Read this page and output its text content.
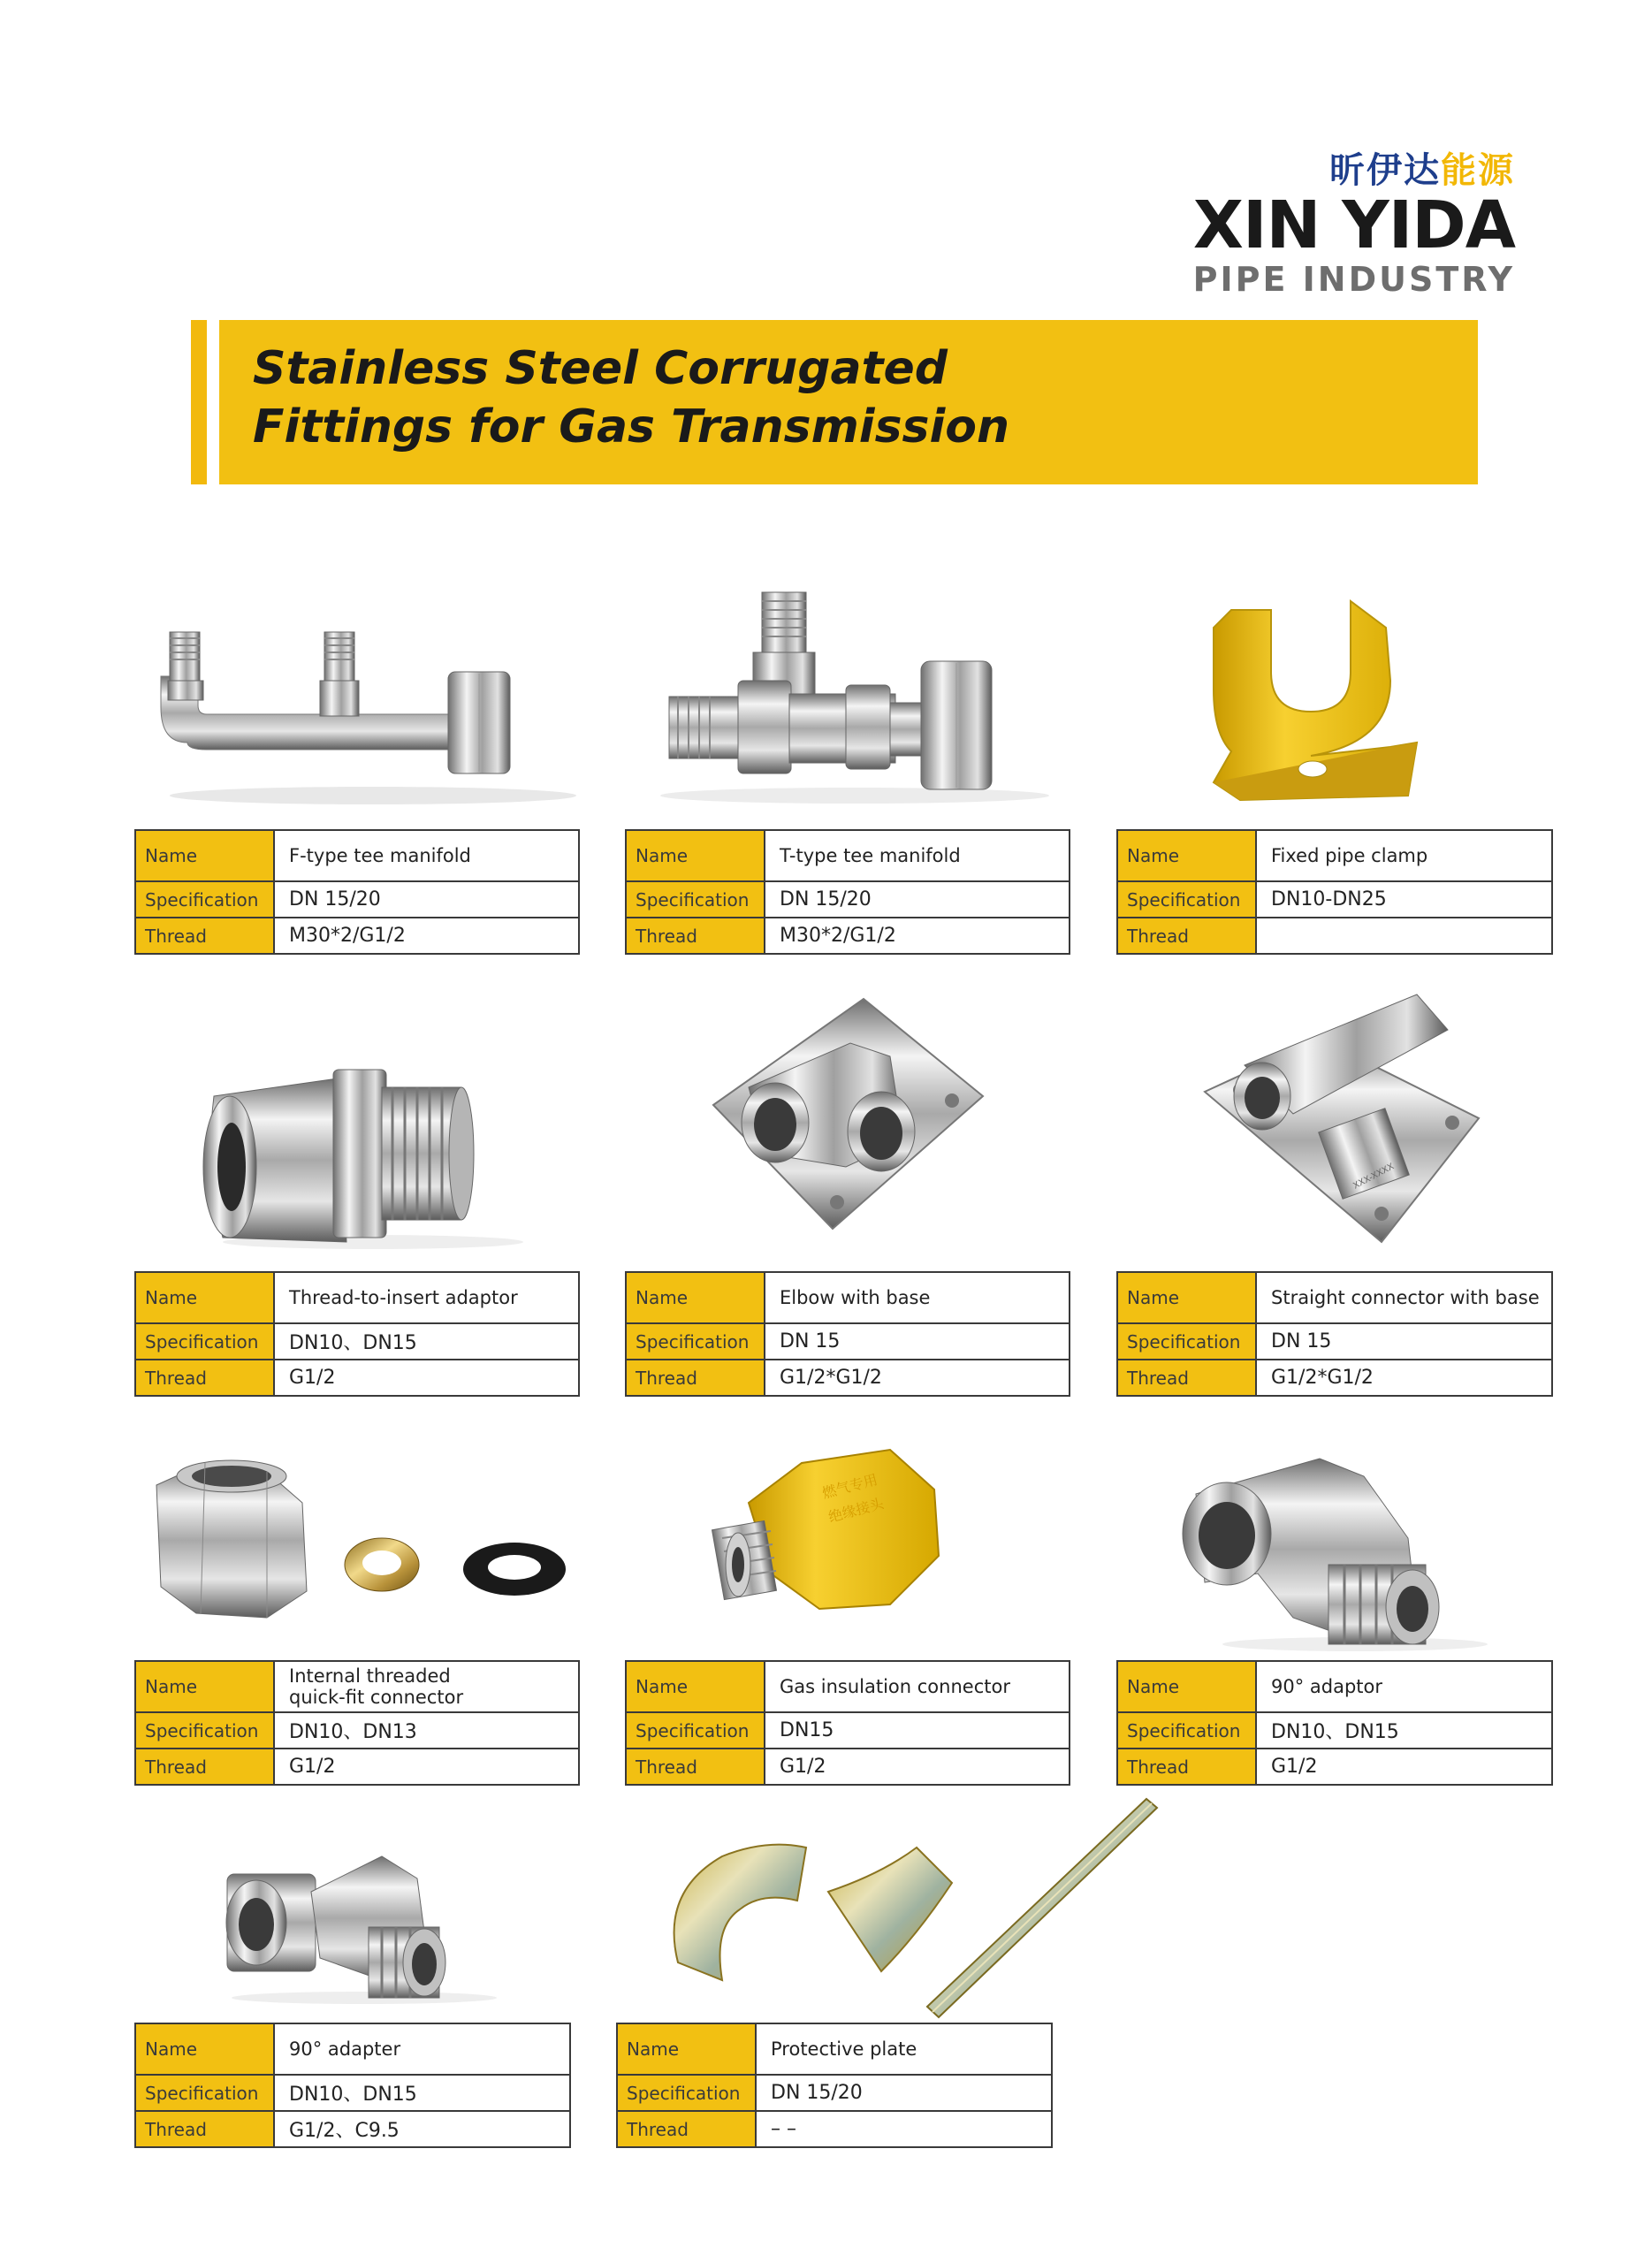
昕伊达能源
XIN YIDA
PIPE INDUSTRY
Stainless Steel Corrugated
Fittings for Gas Transmission
Name	F-type tee manifold
Specification	DN 15/20
Thread	M30*2/G1/2
Name	T-type tee manifold
Specification	DN 15/20
Thread	M30*2/G1/2
Name	Fixed pipe clamp
Specification	DN10-DN25
Thread	
Name	Thread-to-insert adaptor
Specification	DN10、DN15
Thread	G1/2
Name	Elbow with base
Specification	DN 15
Thread	G1/2*G1/2
XXX-XXXX
Name	Straight connector with base
Specification	DN 15
Thread	G1/2*G1/2
Name	Internal threaded
quick-fit connector

Specification	DN10、DN13
Thread	G1/2
燃气专用
绝缘接头
Name	Gas insulation connector
Specification	DN15
Thread	G1/2
Name	90° adaptor
Specification	DN10、DN15
Thread	G1/2
Name	90° adapter
Specification	DN10、DN15
Thread	G1/2、C9.5
Name	Protective plate
Specification	DN 15/20
Thread	– –
